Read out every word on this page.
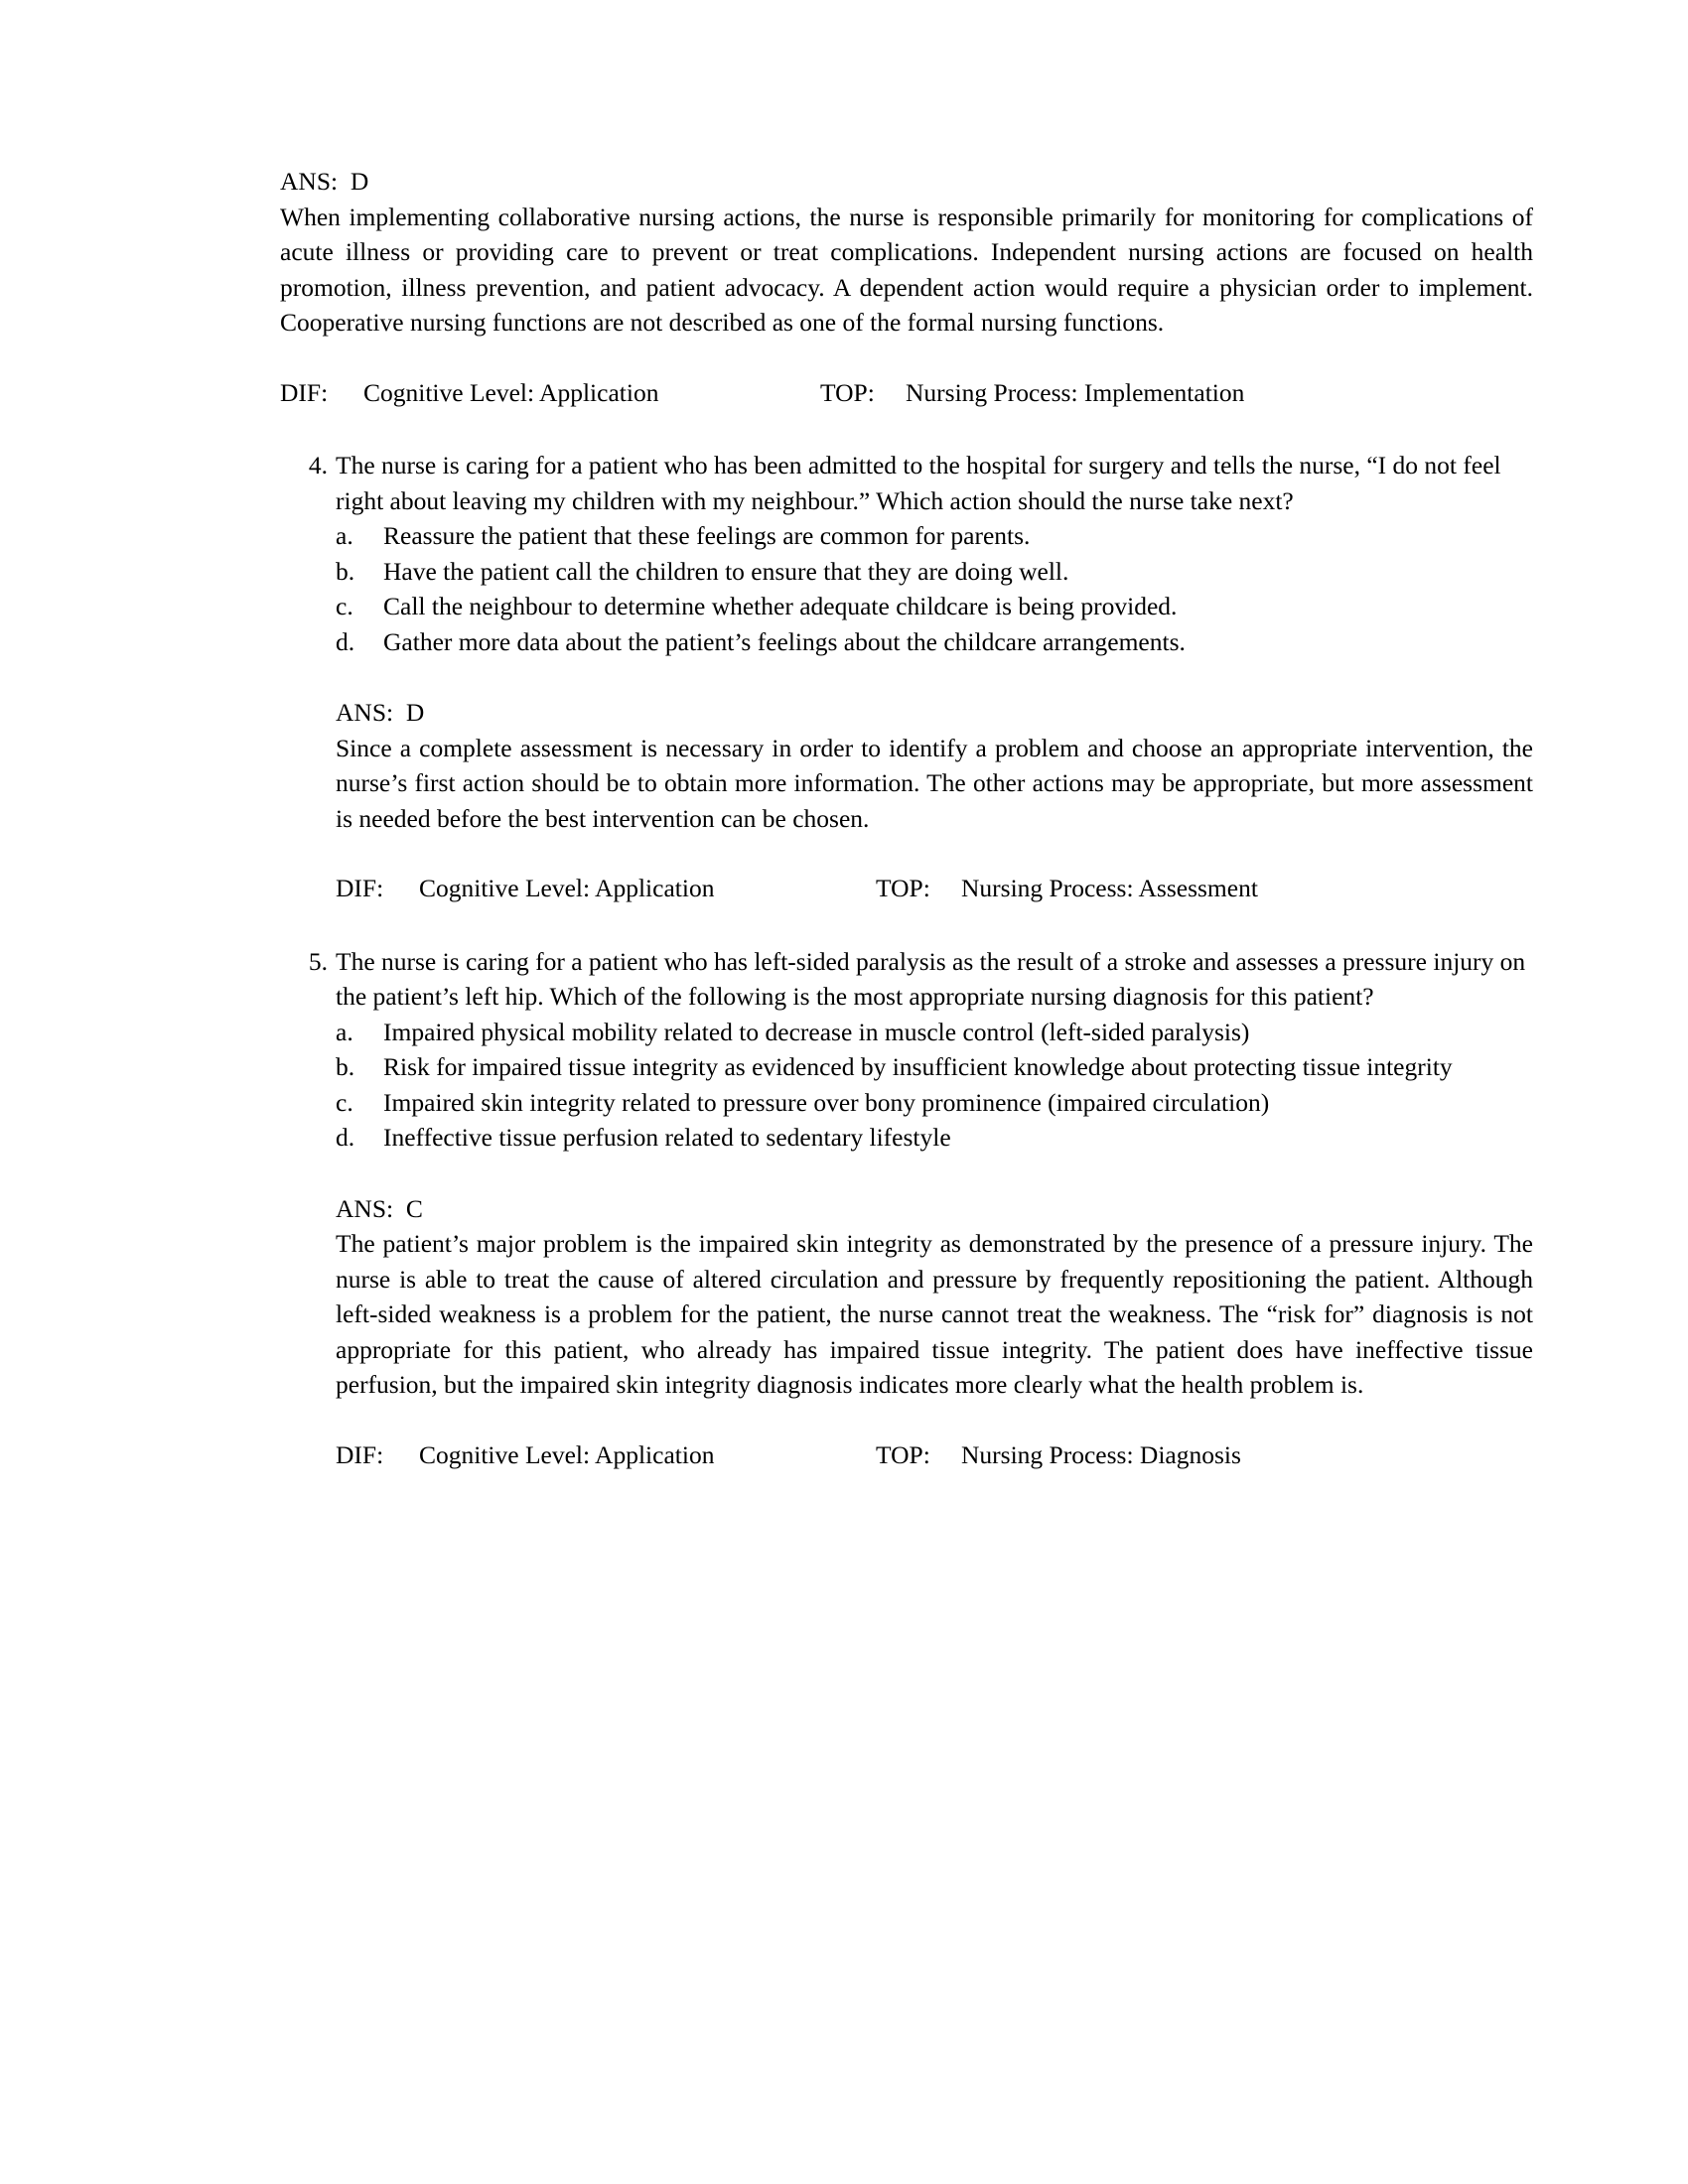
ANS:  D

When implementing collaborative nursing actions, the nurse is responsible primarily for monitoring for complications of acute illness or providing care to prevent or treat complications. Independent nursing actions are focused on health promotion, illness prevention, and patient advocacy. A dependent action would require a physician order to implement. Cooperative nursing functions are not described as one of the formal nursing functions.

DIF:	Cognitive Level: Application	TOP:	Nursing Process: Implementation
4. The nurse is caring for a patient who has been admitted to the hospital for surgery and tells the nurse, “I do not feel right about leaving my children with my neighbour.” Which action should the nurse take next?
a.	Reassure the patient that these feelings are common for parents.
b.	Have the patient call the children to ensure that they are doing well.
c.	Call the neighbour to determine whether adequate childcare is being provided.
d.	Gather more data about the patient’s feelings about the childcare arrangements.
ANS:  D

Since a complete assessment is necessary in order to identify a problem and choose an appropriate intervention, the nurse’s first action should be to obtain more information. The other actions may be appropriate, but more assessment is needed before the best intervention can be chosen.

DIF:	Cognitive Level: Application	TOP:	Nursing Process: Assessment
5. The nurse is caring for a patient who has left-sided paralysis as the result of a stroke and assesses a pressure injury on the patient’s left hip. Which of the following is the most appropriate nursing diagnosis for this patient?
a.	Impaired physical mobility related to decrease in muscle control (left-sided paralysis)
b.	Risk for impaired tissue integrity as evidenced by insufficient knowledge about protecting tissue integrity
c.	Impaired skin integrity related to pressure over bony prominence (impaired circulation)
d.	Ineffective tissue perfusion related to sedentary lifestyle
ANS:  C

The patient’s major problem is the impaired skin integrity as demonstrated by the presence of a pressure injury. The nurse is able to treat the cause of altered circulation and pressure by frequently repositioning the patient. Although left-sided weakness is a problem for the patient, the nurse cannot treat the weakness. The “risk for” diagnosis is not appropriate for this patient, who already has impaired tissue integrity. The patient does have ineffective tissue perfusion, but the impaired skin integrity diagnosis indicates more clearly what the health problem is.

DIF:	Cognitive Level: Application	TOP:	Nursing Process: Diagnosis
